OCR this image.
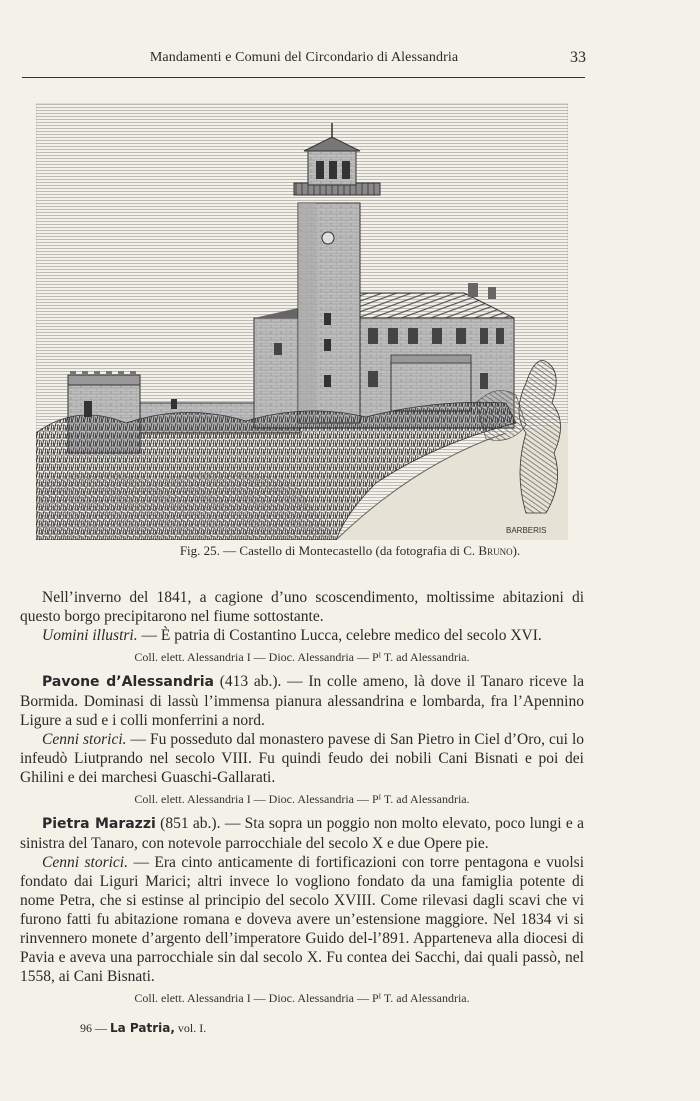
Mandamenti e Comuni del Circondario di Alessandria	33
BARBERIS
Fig. 25. — Castello di Montecastello (da fotografia di C. Bruno).

Nell’inverno del 1841, a cagione d’uno scoscendimento, moltissime abitazioni di questo borgo precipitarono nel fiume sottostante.

Uomini illustri. — È patria di Costantino Lucca, celebre medico del secolo XVI.

Coll. elett. Alessandria I — Dioc. Alessandria — Pᴵ T. ad Alessandria.

Pavone d’Alessandria (413 ab.). — In colle ameno, là dove il Tanaro riceve la Bormida. Dominasi di lassù l’immensa pianura alessandrina e lombarda, fra l’Apennino Ligure a sud e i colli monferrini a nord.

Cenni storici. — Fu posseduto dal monastero pavese di San Pietro in Ciel d’Oro, cui lo infeudò Liutprando nel secolo VIII. Fu quindi feudo dei nobili Cani Bisnati e poi dei Ghilini e dei marchesi Guaschi-Gallarati.

Coll. elett. Alessandria I — Dioc. Alessandria — Pᴵ T. ad Alessandria.

Pietra Marazzi (851 ab.). — Sta sopra un poggio non molto elevato, poco lungi e a sinistra del Tanaro, con notevole parrocchiale del secolo X e due Opere pie.

Cenni storici. — Era cinto anticamente di fortificazioni con torre pentagona e vuolsi fondato dai Liguri Marici; altri invece lo vogliono fondato da una famiglia potente di nome Petra, che si estinse al principio del secolo XVIII. Come rilevasi dagli scavi che vi furono fatti fu abitazione romana e doveva avere un’estensione maggiore. Nel 1834 vi si rinvennero monete d’argento dell’imperatore Guido del-l’891. Apparteneva alla diocesi di Pavia e aveva una parrocchiale sin dal secolo X. Fu contea dei Sacchi, dai quali passò, nel 1558, ai Cani Bisnati.

Coll. elett. Alessandria I — Dioc. Alessandria — Pᴵ T. ad Alessandria.
96 — La Patria, vol. I.
